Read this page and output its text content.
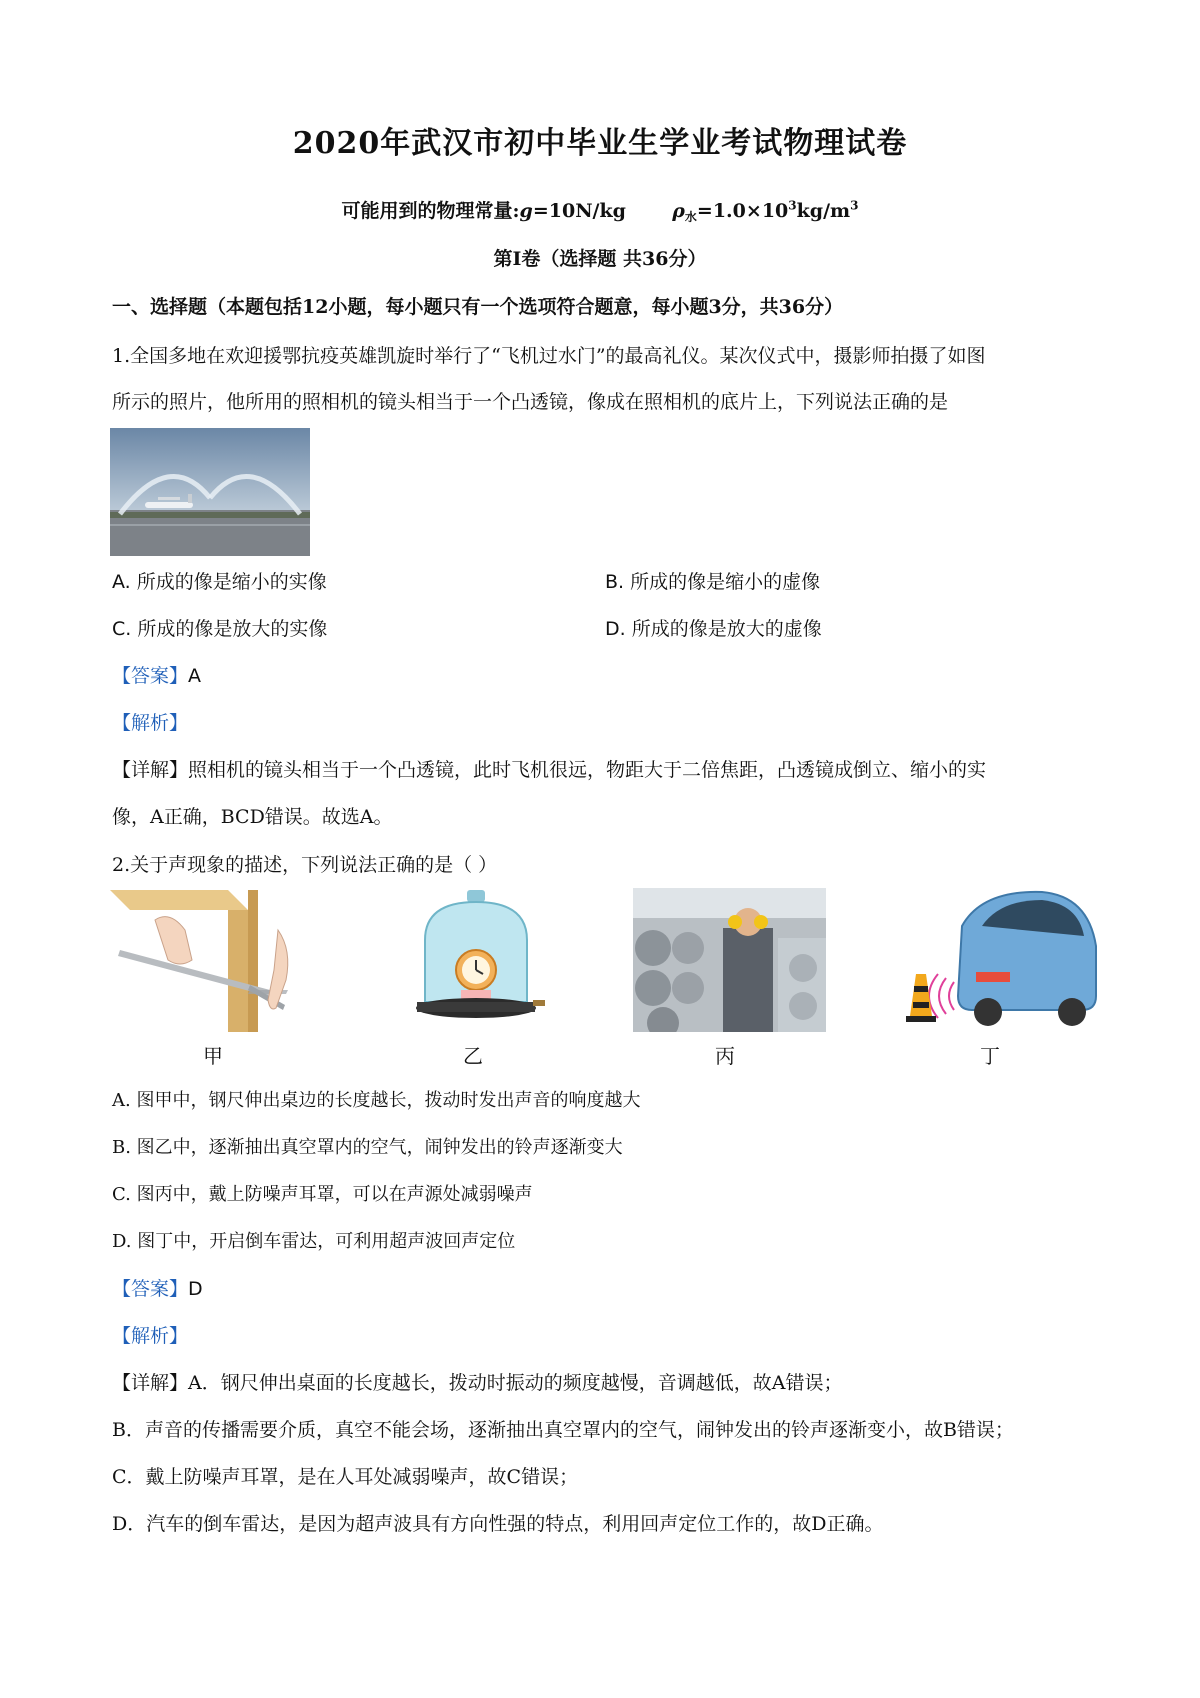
2020年武汉市初中毕业生学业考试物理试卷
可能用到的物理常量:g=10N/kg $\rho_水=1.0\times 10^3kg/m^3$
第Ⅰ卷（选择题 共36分）
一、选择题（本题包括12小题，每小题只有一个选项符合题意，每小题3分，共36分）
1.全国多地在欢迎援鄂抗疫英雄凯旋时举行了“飞机过水门”的最高礼仪。某次仪式中，摄影师拍摄了如图
所示的照片，他所用的照相机的镜头相当于一个凸透镜，像成在照相机的底片上，下列说法正确的是
A. 所成的像是缩小的实像	B. 所成的像是缩小的虚像
C. 所成的像是放大的实像	D. 所成的像是放大的虚像
【答案】A
【解析】
【详解】照相机的镜头相当于一个凸透镜，此时飞机很远，物距大于二倍焦距，凸透镜成倒立、缩小的实
像，A正确，BCD错误。故选A。
2.关于声现象的描述，下列说法正确的是（ ）
甲	乙	丙	丁
A. 图甲中，钢尺伸出桌边的长度越长，拨动时发出声音的响度越大
B. 图乙中，逐渐抽出真空罩内的空气，闹钟发出的铃声逐渐变大
C. 图丙中，戴上防噪声耳罩，可以在声源处减弱噪声
D. 图丁中，开启倒车雷达，可利用超声波回声定位
【答案】D
【解析】
【详解】A．钢尺伸出桌面的长度越长，拨动时振动的频度越慢，音调越低，故A错误；
B．声音的传播需要介质，真空不能会场，逐渐抽出真空罩内的空气，闹钟发出的铃声逐渐变小，故B错误；
C．戴上防噪声耳罩，是在人耳处减弱噪声，故C错误；
D．汽车的倒车雷达，是因为超声波具有方向性强的特点，利用回声定位工作的，故D正确。
